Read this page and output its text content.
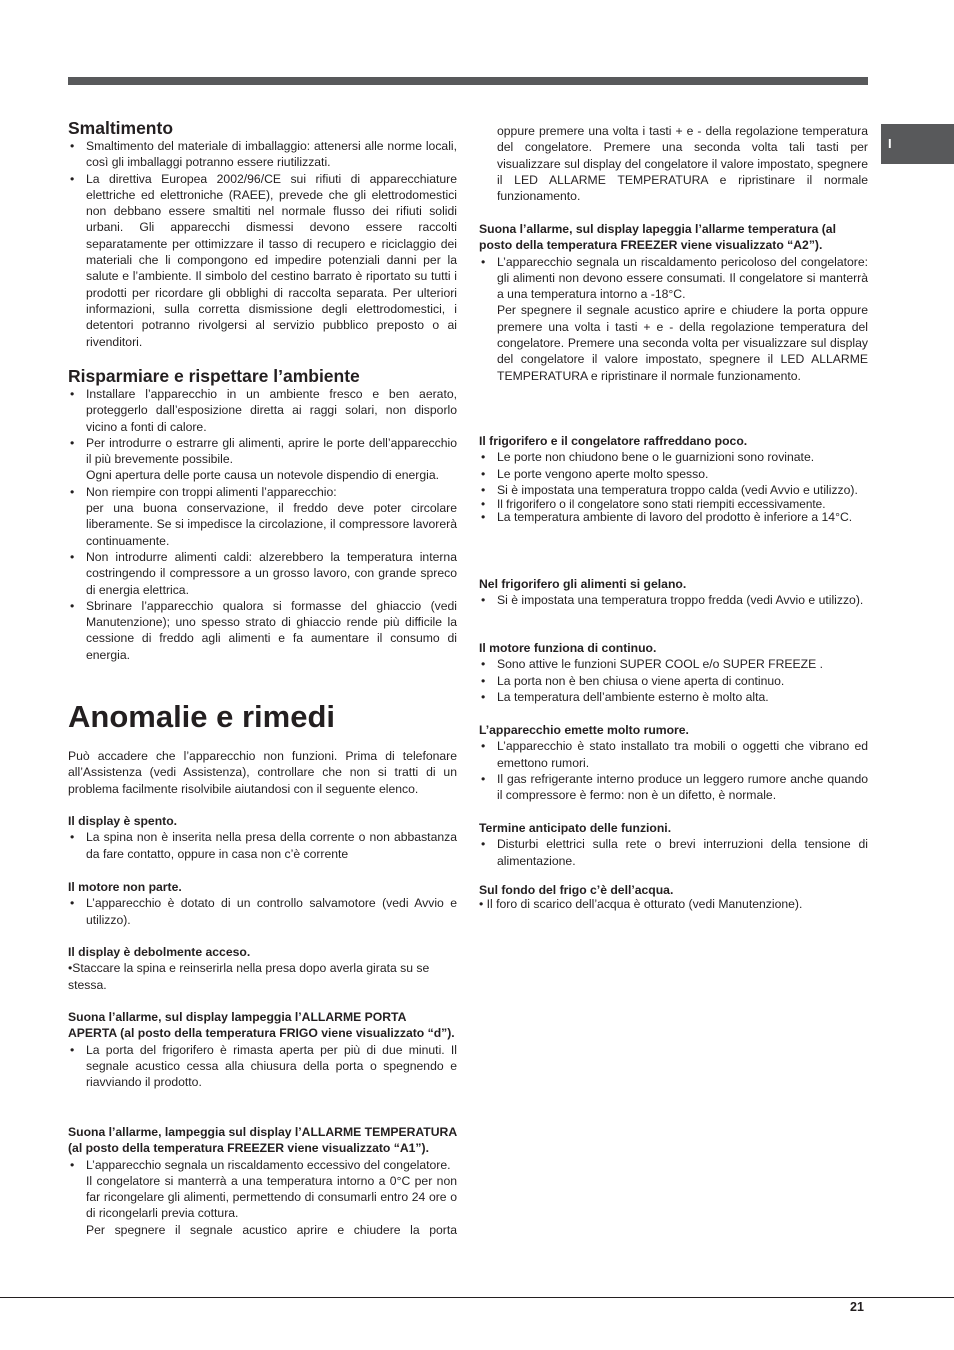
I
Smaltimento
• Smaltimento del materiale di imballaggio: attenersi alle norme locali, così gli imballaggi potranno essere riutilizzati.
• La direttiva Europea 2002/96/CE sui rifiuti di apparecchiature elettriche ed elettroniche (RAEE), prevede che gli elettrodomestici non debbano essere smaltiti nel normale flusso dei rifiuti solidi urbani. Gli apparecchi dismessi devono essere raccolti separatamente per ottimizzare il tasso di recupero e riciclaggio dei materiali che li compongono ed impedire potenziali danni per la salute e l’ambiente. Il simbolo del cestino barrato è riportato su tutti i prodotti per ricordare gli obblighi di raccolta separata. Per ulteriori informazioni, sulla corretta dismissione degli elettrodomestici, i detentori potranno rivolgersi al servizio pubblico preposto o ai rivenditori.
Risparmiare e rispettare l’ambiente
• Installare l’apparecchio in un ambiente fresco e ben aerato, proteggerlo dall’esposizione diretta ai raggi solari, non disporlo vicino a fonti di calore.
• Per introdurre o estrarre gli alimenti, aprire le porte dell’apparecchio il più brevemente possibile.
Ogni apertura delle porte causa un notevole dispendio di energia.
• Non riempire con troppi alimenti l’apparecchio:
per una buona conservazione, il freddo deve poter circolare liberamente. Se si impedisce la circolazione, il compressore lavorerà continuamente.
• Non introdurre alimenti caldi: alzerebbero la temperatura interna costringendo il compressore a un grosso lavoro, con grande spreco di energia elettrica.
• Sbrinare l’apparecchio qualora si formasse del ghiaccio (vedi Manutenzione); uno spesso strato di ghiaccio rende più difficile la cessione di freddo agli alimenti e fa aumentare il consumo di energia.
Anomalie e rimedi
Può accadere che l’apparecchio non funzioni. Prima di telefonare all’Assistenza (vedi Assistenza), controllare che non si tratti di un problema facilmente risolvibile aiutandosi con il seguente elenco.
Il display è spento.
• La spina non è inserita nella presa della corrente o non abbastanza da fare contatto, oppure in casa non c’è corrente
Il motore non parte.
• L’apparecchio è dotato di un controllo salvamotore (vedi Avvio e utilizzo).
Il display è debolmente acceso.
•Staccare la spina e reinserirla nella presa dopo averla girata su se stessa.
Suona l’allarme, sul display lampeggia l’ALLARME PORTA APERTA (al posto della temperatura FRIGO viene visualizzato “d”).
• La porta del frigorifero è rimasta aperta per più di due minuti. Il segnale acustico cessa alla chiusura della porta o spegnendo e riavviando il prodotto.
Suona l’allarme, lampeggia sul display l’ALLARME TEMPERATURA (al posto della temperatura FREEZER viene visualizzato “A1”).
• L’apparecchio segnala un riscaldamento eccessivo del congelatore.
Il congelatore si manterrà a una temperatura intorno a 0°C per non far ricongelare gli alimenti, permettendo di consumarli entro 24 ore o di ricongelarli previa cottura.
Per spegnere il segnale acustico aprire e chiudere la porta
oppure premere una volta i tasti + e - della regolazione temperatura del congelatore. Premere una seconda volta tali tasti per visualizzare sul display del congelatore il valore impostato, spegnere il LED ALLARME TEMPERATURA e ripristinare il normale funzionamento.
Suona l’allarme, sul display lapeggia l’allarme temperatura (al posto della temperatura FREEZER viene visualizzato “A2”).
• L’apparecchio segnala un riscaldamento pericoloso del congelatore: gli alimenti non devono essere consumati. Il congelatore si manterrà a una temperatura intorno a -18°C.
Per spegnere il segnale acustico aprire e chiudere la porta oppure premere una volta i tasti + e - della regolazione temperatura del congelatore. Premere una seconda volta per visualizzare sul display del congelatore il valore impostato, spegnere il LED ALLARME TEMPERATURA e ripristinare il normale funzionamento.
Il frigorifero e il congelatore raffreddano poco.
• Le porte non chiudono bene o le guarnizioni sono rovinate.
• Le porte vengono aperte molto spesso.
• Si è impostata una temperatura troppo calda (vedi Avvio e utilizzo).
• Il frigorifero o il congelatore sono stati riempiti eccessivamente.
• La temperatura ambiente di lavoro del prodotto è inferiore a 14°C.
Nel frigorifero gli alimenti si gelano.
• Si è impostata una temperatura troppo fredda (vedi Avvio e utilizzo).
Il motore funziona di continuo.
• Sono attive le funzioni SUPER COOL e/o SUPER FREEZE .
• La porta non è ben chiusa o viene aperta di continuo.
• La temperatura dell’ambiente esterno è molto alta.
L’apparecchio emette molto rumore.
• L’apparecchio è stato installato tra mobili o oggetti che vibrano ed emettono rumori.
• Il gas refrigerante interno produce un leggero rumore anche quando il compressore è fermo: non è un difetto, è normale.
Termine anticipato delle funzioni.
• Disturbi elettrici sulla rete o brevi interruzioni della tensione di alimentazione.
Sul fondo del frigo c’è dell’acqua.
• Il foro di scarico dell’acqua è otturato (vedi Manutenzione).
21
